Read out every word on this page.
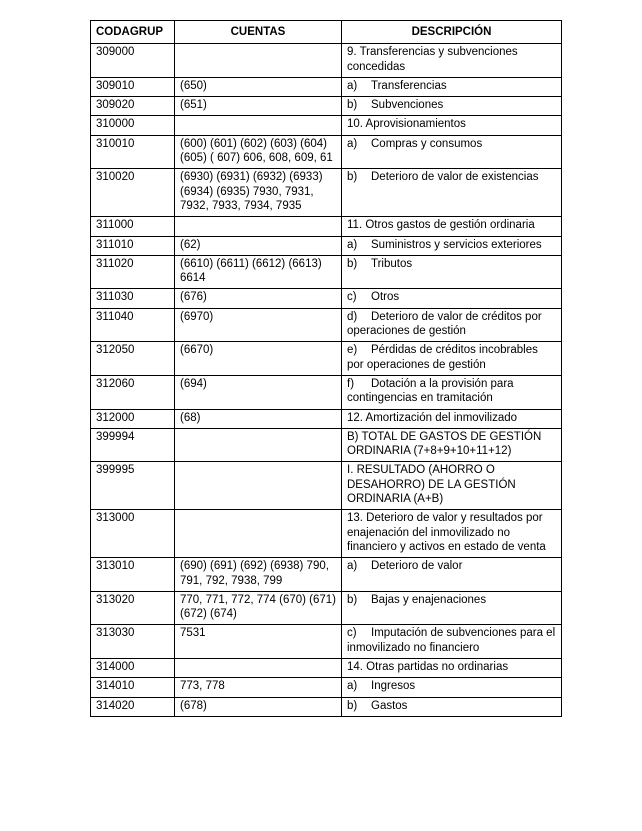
CODAGRUP	CUENTAS	DESCRIPCIÓN
309000		9. Transferencias y subvenciones concedidas
309010	(650)	a) Transferencias
309020	(651)	b) Subvenciones
310000		10. Aprovisionamientos
310010	(600) (601) (602) (603) (604) (605) ( 607) 606, 608, 609, 61	a) Compras y consumos
310020	(6930) (6931) (6932) (6933) (6934) (6935) 7930, 7931, 7932, 7933, 7934, 7935	b) Deterioro de valor de existencias
311000		11. Otros gastos de gestión ordinaria
311010	(62)	a) Suministros y servicios exteriores
311020	(6610) (6611) (6612) (6613) 6614	b) Tributos
311030	(676)	c) Otros
311040	(6970)	d) Deterioro de valor de créditos por operaciones de gestión
312050	(6670)	e) Pérdidas de créditos incobrables por operaciones de gestión
312060	(694)	f) Dotación a la provisión para contingencias en tramitación
312000	(68)	12. Amortización del inmovilizado
399994		B) TOTAL DE GASTOS DE GESTIÓN ORDINARIA (7+8+9+10+11+12)
399995		I. RESULTADO (AHORRO O DESAHORRO) DE LA GESTIÓN ORDINARIA (A+B)
313000		13. Deterioro de valor y resultados por enajenación del inmovilizado no financiero y activos en estado de venta
313010	(690) (691) (692) (6938) 790, 791, 792, 7938, 799	a) Deterioro de valor
313020	770, 771, 772, 774 (670) (671) (672) (674)	b) Bajas y enajenaciones
313030	7531	c) Imputación de subvenciones para el inmovilizado no financiero
314000		14. Otras partidas no ordinarias
314010	773, 778	a) Ingresos
314020	(678)	b) Gastos
